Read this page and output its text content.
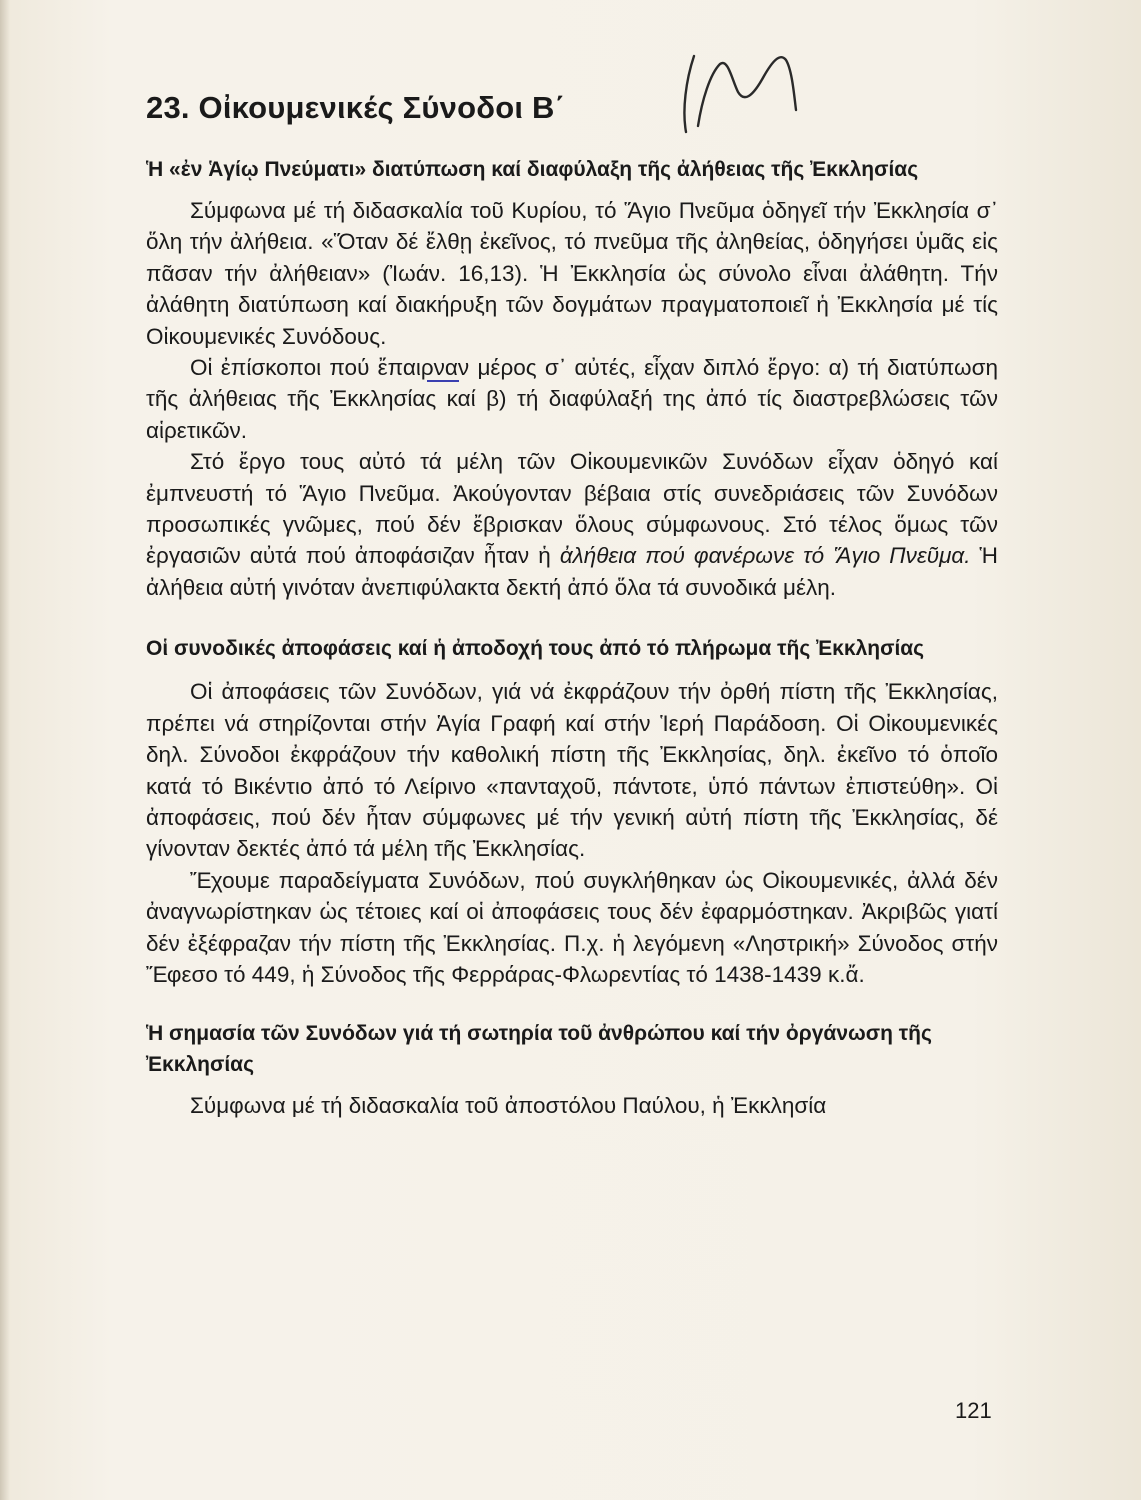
23. Οἰκουμενικές Σύνοδοι Β΄
Ἡ «ἐν Ἁγίῳ Πνεύματι» διατύπωση καί διαφύλαξη τῆς ἀλήθειας τῆς Ἐκκλησίας

Σύμφωνα μέ τή διδασκαλία τοῦ Κυρίου, τό Ἅγιο Πνεῦμα ὁδηγεῖ τήν Ἐκκλησία σ᾿ ὅλη τήν ἀλήθεια. «Ὅταν δέ ἔλθῃ ἐκεῖνος, τό πνεῦμα τῆς ἀληθείας, ὁδηγήσει ὑμᾶς εἰς πᾶσαν τήν ἀλήθειαν» (Ἰωάν. 16,13). Ἡ Ἐκκλησία ὡς σύνολο εἶναι ἀλάθητη. Τήν ἀλάθητη διατύπωση καί διακήρυξη τῶν δογμάτων πραγματοποιεῖ ἡ Ἐκκλησία μέ τίς Οἰκουμενικές Συνόδους.

Οἱ ἐπίσκοποι πού ἔπαιρναν μέρος σ᾿ αὐτές, εἶχαν διπλό ἔργο: α) τή διατύπωση τῆς ἀλήθειας τῆς Ἐκκλησίας καί β) τή διαφύλαξή της ἀπό τίς διαστρεβλώσεις τῶν αἱρετικῶν.

Στό ἔργο τους αὐτό τά μέλη τῶν Οἰκουμενικῶν Συνόδων εἶχαν ὁδηγό καί ἐμπνευστή τό Ἅγιο Πνεῦμα. Ἀκούγονταν βέβαια στίς συνεδριάσεις τῶν Συνόδων προσωπικές γνῶμες, πού δέν ἔβρισκαν ὅλους σύμφωνους. Στό τέλος ὅμως τῶν ἐργασιῶν αὐτά πού ἀποφάσιζαν ἦταν ἡ ἀλήθεια πού φανέρωνε τό Ἅγιο Πνεῦμα. Ἡ ἀλήθεια αὐτή γινόταν ἀνεπιφύλακτα δεκτή ἀπό ὅλα τά συνοδικά μέλη.

Οἱ συνοδικές ἀποφάσεις καί ἡ ἀποδοχή τους ἀπό τό πλήρωμα τῆς Ἐκκλησίας

Οἱ ἀποφάσεις τῶν Συνόδων, γιά νά ἐκφράζουν τήν ὀρθή πίστη τῆς Ἐκκλησίας, πρέπει νά στηρίζονται στήν Ἁγία Γραφή καί στήν Ἱερή Παράδοση. Οἱ Οἰκουμενικές δηλ. Σύνοδοι ἐκφράζουν τήν καθολική πίστη τῆς Ἐκκλησίας, δηλ. ἐκεῖνο τό ὁποῖο κατά τό Βικέντιο ἀπό τό Λείρινο «πανταχοῦ, πάντοτε, ὑπό πάντων ἐπιστεύθη». Οἱ ἀποφάσεις, πού δέν ἦταν σύμφωνες μέ τήν γενική αὐτή πίστη τῆς Ἐκκλησίας, δέ γίνονταν δεκτές ἀπό τά μέλη τῆς Ἐκκλησίας.

Ἔχουμε παραδείγματα Συνόδων, πού συγκλήθηκαν ὡς Οἰκουμενικές, ἀλλά δέν ἀναγνωρίστηκαν ὡς τέτοιες καί οἱ ἀποφάσεις τους δέν ἐφαρμόστηκαν. Ἀκριβῶς γιατί δέν ἐξέφραζαν τήν πίστη τῆς Ἐκκλησίας. Π.χ. ἡ λεγόμενη «Ληστρική» Σύνοδος στήν Ἔφεσο τό 449, ἡ Σύνοδος τῆς Φερράρας-Φλωρεντίας τό 1438-1439 κ.ἄ.

Ἡ σημασία τῶν Συνόδων γιά τή σωτηρία τοῦ ἀνθρώπου καί τήν ὀργάνωση τῆς Ἐκκλησίας

Σύμφωνα μέ τή διδασκαλία τοῦ ἀποστόλου Παύλου, ἡ Ἐκκλησία

121
